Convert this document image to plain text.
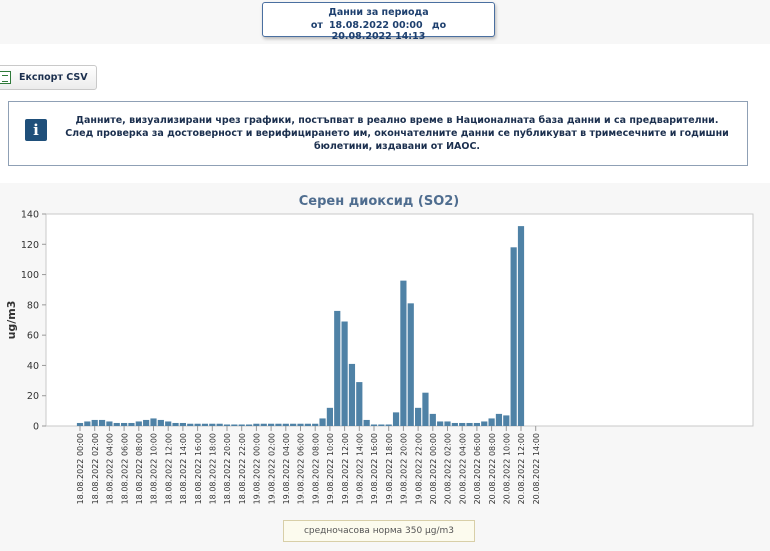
Данни за периода
от 18.08.2022 00:00 до20.08.2022 14:13
Експорт CSV
i
Данните, визуализирани чрез графики, постъпват в реално време в Националната база данни и са предварителни.
След проверка за достоверност и верифицирането им, окончателните данни се публикуват в тримесечните и годишни
бюлетини, издавани от ИАОС.
Серен диоксид (SO2)
0
20
40
60
80
100
120
140
ug/m3
18.08.2022 00:00 18.08.2022 02:00 18.08.2022 04:00 18.08.2022 06:00 18.08.2022 08:00 18.08.2022 10:00 18.08.2022 12:00 18.08.2022 14:00 18.08.2022 16:00 18.08.2022 18:00 18.08.2022 20:00 18.08.2022 22:00 19.08.2022 00:00 19.08.2022 02:00 19.08.2022 04:00 19.08.2022 06:00 19.08.2022 08:00 19.08.2022 10:00 19.08.2022 12:00 19.08.2022 14:00 19.08.2022 16:00 19.08.2022 18:00 19.08.2022 20:00 19.08.2022 22:00 20.08.2022 00:00 20.08.2022 02:00 20.08.2022 04:00 20.08.2022 06:00 20.08.2022 08:00 20.08.2022 10:00 20.08.2022 12:00 20.08.2022 14:00
средночасова норма 350 µg/m3
